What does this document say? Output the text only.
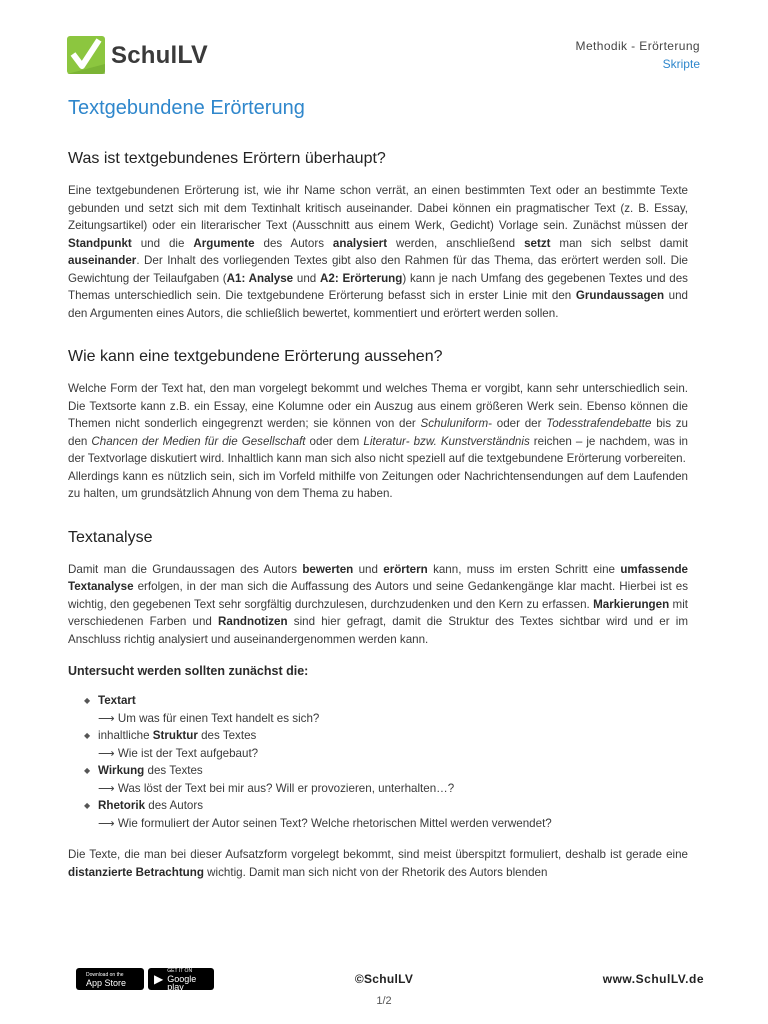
SchulLV	Methodik - Erörterung
Skripte
Textgebundene Erörterung
Was ist textgebundenes Erörtern überhaupt?

Eine textgebundenen Erörterung ist, wie ihr Name schon verrät, an einen bestimmten Text oder an bestimmte Texte gebunden und setzt sich mit dem Textinhalt kritisch auseinander. Dabei können ein pragmatischer Text (z. B. Essay, Zeitungsartikel) oder ein literarischer Text (Ausschnitt aus einem Werk, Gedicht) Vorlage sein. Zunächst müssen der Standpunkt und die Argumente des Autors analysiert werden, anschließend setzt man sich selbst damit auseinander. Der Inhalt des vorliegenden Textes gibt also den Rahmen für das Thema, das erörtert werden soll. Die Gewichtung der Teilaufgaben (A1: Analyse und A2: Erörterung) kann je nach Umfang des gegebenen Textes und des Themas unterschiedlich sein. Die textgebundene Erörterung befasst sich in erster Linie mit den Grundaussagen und den Argumenten eines Autors, die schließlich bewertet, kommentiert und erörtert werden sollen.

Wie kann eine textgebundene Erörterung aussehen?

Welche Form der Text hat, den man vorgelegt bekommt und welches Thema er vorgibt, kann sehr unterschiedlich sein. Die Textsorte kann z.B. ein Essay, eine Kolumne oder ein Auszug aus einem größeren Werk sein. Ebenso können die Themen nicht sonderlich eingegrenzt werden; sie können von der Schuluniform- oder der Todesstrafendebatte bis zu den Chancen der Medien für die Gesellschaft oder dem Literatur- bzw. Kunstverständnis reichen – je nachdem, was in der Textvorlage diskutiert wird. Inhaltlich kann man sich also nicht speziell auf die textgebundene Erörterung vorbereiten.
Allerdings kann es nützlich sein, sich im Vorfeld mithilfe von Zeitungen oder Nachrichtensendungen auf dem Laufenden zu halten, um grundsätzlich Ahnung von dem Thema zu haben.

Textanalyse

Damit man die Grundaussagen des Autors bewerten und erörtern kann, muss im ersten Schritt eine umfassende Textanalyse erfolgen, in der man sich die Auffassung des Autors und seine Gedankengänge klar macht. Hierbei ist es wichtig, den gegebenen Text sehr sorgfältig durchzulesen, durchzudenken und den Kern zu erfassen. Markierungen mit verschiedenen Farben und Randnotizen sind hier gefragt, damit die Struktur des Textes sichtbar wird und er im Anschluss richtig analysiert und auseinandergenommen werden kann.

Untersucht werden sollten zunächst die:
◆ Textart
⟶ Um was für einen Text handelt es sich?
◆ inhaltliche Struktur des Textes
⟶ Wie ist der Text aufgebaut?
◆ Wirkung des Textes
⟶ Was löst der Text bei mir aus? Will er provozieren, unterhalten…?
◆ Rhetorik des Autors
⟶ Wie formuliert der Autor seinen Text? Welche rhetorischen Mittel werden verwendet?

Die Texte, die man bei dieser Aufsatzform vorgelegt bekommt, sind meist überspitzt formuliert, deshalb ist gerade eine distanzierte Betrachtung wichtig. Damit man sich nicht von der Rhetorik des Autors blenden

Download on the
App Store ▶
GET IT ON
Google play
©SchulLV	www.SchulLV.de
1/2
